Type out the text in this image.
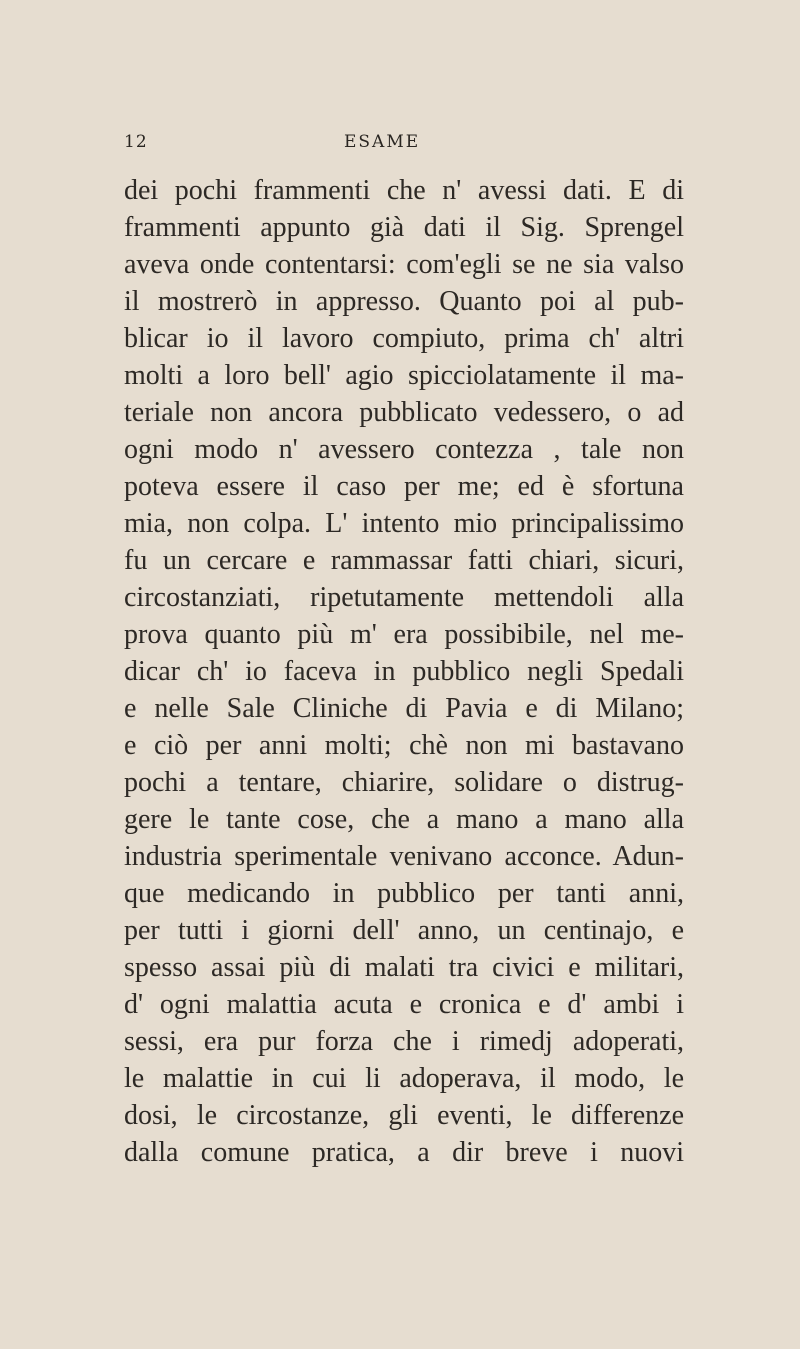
12	ESAME
dei pochi frammenti che n' avessi dati. E di
frammenti appunto già dati il Sig. Sprengel
aveva onde contentarsi: com'egli se ne sia valso
il mostrerò in appresso. Quanto poi al pub-
blicar io il lavoro compiuto, prima ch' altri
molti a loro bell' agio spicciolatamente il ma-
teriale non ancora pubblicato vedessero, o ad
ogni modo n' avessero contezza , tale non
poteva essere il caso per me; ed è sfortuna
mia, non colpa. L' intento mio principalissimo
fu un cercare e rammassar fatti chiari, sicuri,
circostanziati, ripetutamente mettendoli alla
prova quanto più m' era possibibile, nel me-
dicar ch' io faceva in pubblico negli Spedali
e nelle Sale Cliniche di Pavia e di Milano;
e ciò per anni molti; chè non mi bastavano
pochi a tentare, chiarire, solidare o distrug-
gere le tante cose, che a mano a mano alla
industria sperimentale venivano acconce. Adun-
que medicando in pubblico per tanti anni,
per tutti i giorni dell' anno, un centinajo, e
spesso assai più di malati tra civici e militari,
d' ogni malattia acuta e cronica e d' ambi i
sessi, era pur forza che i rimedj adoperati,
le malattie in cui li adoperava, il modo, le
dosi, le circostanze, gli eventi, le differenze
dalla comune pratica, a dir breve i nuovi
